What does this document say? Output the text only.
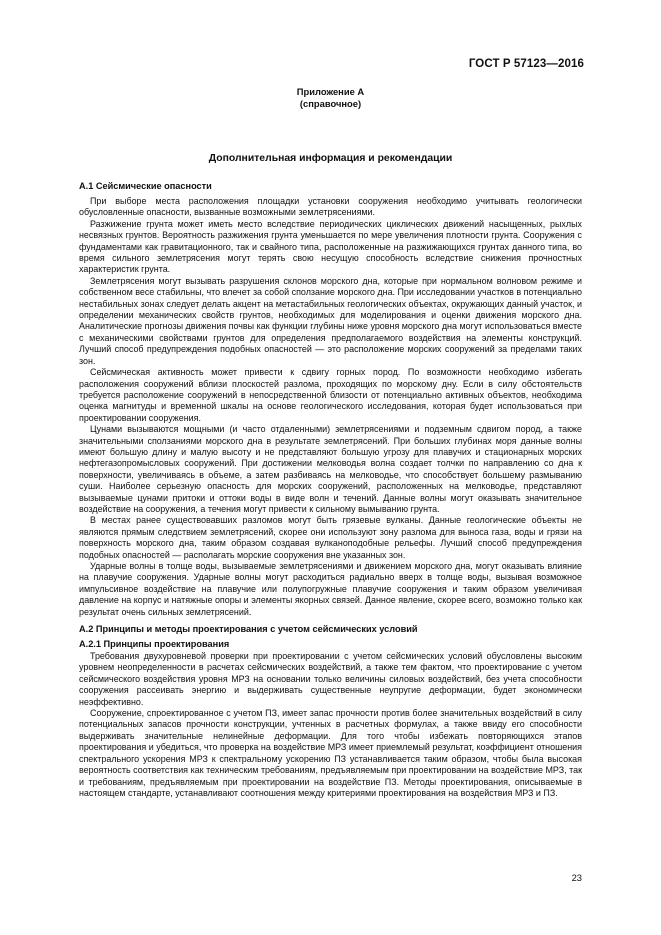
ГОСТ Р 57123—2016
Приложение А
(справочное)
Дополнительная информация и рекомендации
А.1 Сейсмические опасности

При выборе места расположения площадки установки сооружения необходимо учитывать геологически обусловленные опасности, вызванные возможными землетрясениями.

Разжижение грунта может иметь место вследствие периодических циклических движений насыщенных, рыхлых несвязных грунтов. Вероятность разжижения грунта уменьшается по мере увеличения плотности грунта. Сооружения с фундаментами как гравитационного, так и свайного типа, расположенные на разжижающихся грунтах данного типа, во время сильного землетрясения могут терять свою несущую способность вследствие снижения прочностных характеристик грунта.

Землетрясения могут вызывать разрушения склонов морского дна, которые при нормальном волновом режиме и собственном весе стабильны, что влечет за собой сползание морского дна. При исследовании участков в потенциально нестабильных зонах следует делать акцент на метастабильных геологических объектах, окружающих данный участок, и определении механических свойств грунтов, необходимых для моделирования и оценки движения морского дна. Аналитические прогнозы движения почвы как функции глубины ниже уровня морского дна могут использоваться вместе с механическими свойствами грунтов для определения предполагаемого воздействия на элементы конструкций. Лучший способ предупреждения подобных опасностей — это расположение морских сооружений за пределами таких зон.

Сейсмическая активность может привести к сдвигу горных пород. По возможности необходимо избегать расположения сооружений вблизи плоскостей разлома, проходящих по морскому дну. Если в силу обстоятельств требуется расположение сооружений в непосредственной близости от потенциально активных объектов, необходима оценка магнитуды и временной шкалы на основе геологического исследования, которая будет использоваться при проектировании сооружения.

Цунами вызываются мощными (и часто отдаленными) землетрясениями и подземным сдвигом пород, а также значительными сползаниями морского дна в результате землетрясений. При больших глубинах моря данные волны имеют большую длину и малую высоту и не представляют большую угрозу для плавучих и стационарных морских нефтегазопромысловых сооружений. При достижении мелководья волна создает толчки по направлению со дна к поверхности, увеличиваясь в объеме, а затем разбиваясь на мелководье, что способствует большему размыванию суши. Наиболее серьезную опасность для морских сооружений, расположенных на мелководье, представляют вызываемые цунами притоки и оттоки воды в виде волн и течений. Данные волны могут оказывать значительное воздействие на сооружения, а течения могут привести к сильному вымыванию грунта.

В местах ранее существовавших разломов могут быть грязевые вулканы. Данные геологические объекты не являются прямым следствием землетрясений, скорее они используют зону разлома для выноса газа, воды и грязи на поверхность морского дна, таким образом создавая вулканоподобные рельефы. Лучший способ предупреждения подобных опасностей — располагать морские сооружения вне указанных зон.

Ударные волны в толще воды, вызываемые землетрясениями и движением морского дна, могут оказывать влияние на плавучие сооружения. Ударные волны могут расходиться радиально вверх в толще воды, вызывая возможное импульсивное воздействие на плавучие или полупогружные плавучие сооружения и таким образом увеличивая давление на корпус и натяжные опоры и элементы якорных связей. Данное явление, скорее всего, возможно только как результат очень сильных землетрясений.

А.2 Принципы и методы проектирования с учетом сейсмических условий
А.2.1 Принципы проектирования

Требования двухуровневой проверки при проектировании с учетом сейсмических условий обусловлены высоким уровнем неопределенности в расчетах сейсмических воздействий, а также тем фактом, что проектирование с учетом сейсмического воздействия уровня МРЗ на основании только величины силовых воздействий, без учета способности сооружения рассеивать энергию и выдерживать существенные неупругие деформации, будет экономически неэффективно.

Сооружение, спроектированное с учетом ПЗ, имеет запас прочности против более значительных воздействий в силу потенциальных запасов прочности конструкции, учтенных в расчетных формулах, а также ввиду его способности выдерживать значительные нелинейные деформации. Для того чтобы избежать повторяющихся этапов проектирования и убедиться, что проверка на воздействие МРЗ имеет приемлемый результат, коэффициент отношения спектрального ускорения МРЗ к спектральному ускорению ПЗ устанавливается таким образом, чтобы была высокая вероятность соответствия как техническим требованиям, предъявляемым при проектировании на воздействие МРЗ, так и требованиям, предъявляемым при проектировании на воздействие ПЗ. Методы проектирования, описываемые в настоящем стандарте, устанавливают соотношения между критериями проектирования на воздействия МРЗ и ПЗ.

23
